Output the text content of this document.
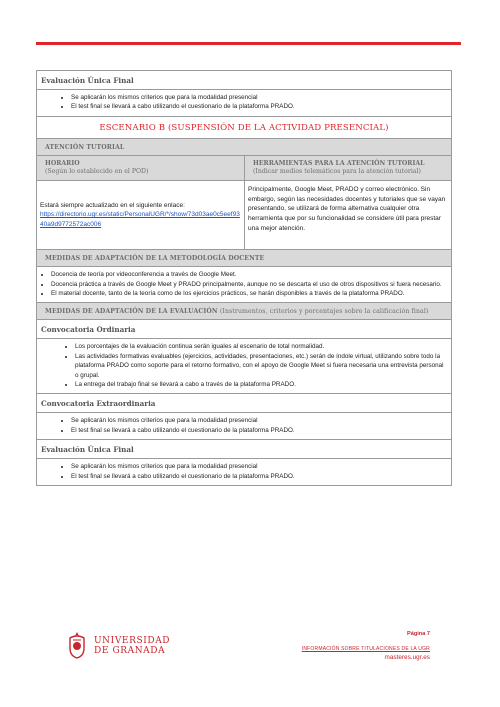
Evaluación Única Final
• Se aplicarán los mismos criterios que para la modalidad presencial
• El test final se llevará a cabo utilizando el cuestionario de la plataforma PRADO.
ESCENARIO B (SUSPENSIÓN DE LA ACTIVIDAD PRESENCIAL)
ATENCIÓN TUTORIAL
HORARIO
(Según lo establecido en el POD)
HERRAMIENTAS PARA LA ATENCIÓN TUTORIAL
(Indicar medios telemáticos para la atención tutorial)
Estará siempre actualizado en el siguiente enlace:
https://directorio.ugr.es/static/PersonalUGR/*/show/73d03ae0c5eef9340a9d9772572ac006
Principalmente, Google Meet, PRADO y correo electrónico. Sin embargo, según las necesidades docentes y tutoriales que se vayan presentando, se utilizará de forma alternativa cualquier otra herramienta que por su funcionalidad se considere útil para prestar una mejor atención.
MEDIDAS DE ADAPTACIÓN DE LA METODOLOGÍA DOCENTE
• Docencia de teoría por videoconferencia a través de Google Meet.
• Docencia práctica a través de Google Meet y PRADO principalmente, aunque no se descarta el uso de otros dispositivos si fuera necesario.
• El material docente, tanto de la teoría como de los ejercicios prácticos, se harán disponibles a través de la plataforma PRADO.
MEDIDAS DE ADAPTACIÓN DE LA EVALUACIÓN (Instrumentos, criterios y porcentajes sobre la calificación final)
Convocatoria Ordinaria
• Los porcentajes de la evaluación continua serán iguales al escenario de total normalidad.
• Las actividades formativas evaluables (ejercicios, actividades, presentaciones, etc.) serán de índole virtual, utilizando sobre todo la plataforma PRADO como soporte para el retorno formativo, con el apoyo de Google Meet si fuera necesaria una entrevista personal o grupal.
• La entrega del trabajo final se llevará a cabo a través de la plataforma PRADO.
Convocatoria Extraordinaria
• Se aplicarán los mismos criterios que para la modalidad presencial
• El test final se llevará a cabo utilizando el cuestionario de la plataforma PRADO.
Evaluación Única Final
• Se aplicarán los mismos criterios que para la modalidad presencial
• El test final se llevará a cabo utilizando el cuestionario de la plataforma PRADO.
UNIVERSIDAD
DE GRANADA
Página 7
INFORMACIÓN SOBRE TITULACIONES DE LA UGR
masteres.ugr.es
